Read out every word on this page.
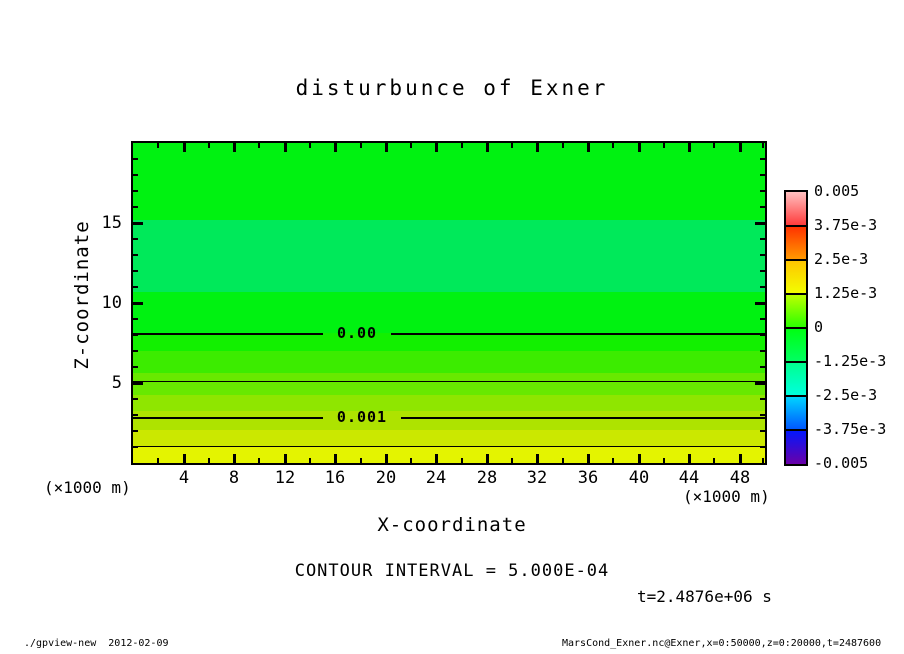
disturbunce of Exner
0.00
0.001
Z-coordinate
X-coordinate
(×1000 m)	(×1000 m)
CONTOUR INTERVAL = 5.000E-04
t=2.4876e+06 s
./gpview-new  2012-02-09	MarsCond_Exner.nc@Exner,x=0:50000,z=0:20000,t=2487600
4 8 12 16 20 24 28 32 36 40 44 48
5
10
15
0.005
3.75e-3
2.5e-3
1.25e-3
0
-1.25e-3
-2.5e-3
-3.75e-3
-0.005
